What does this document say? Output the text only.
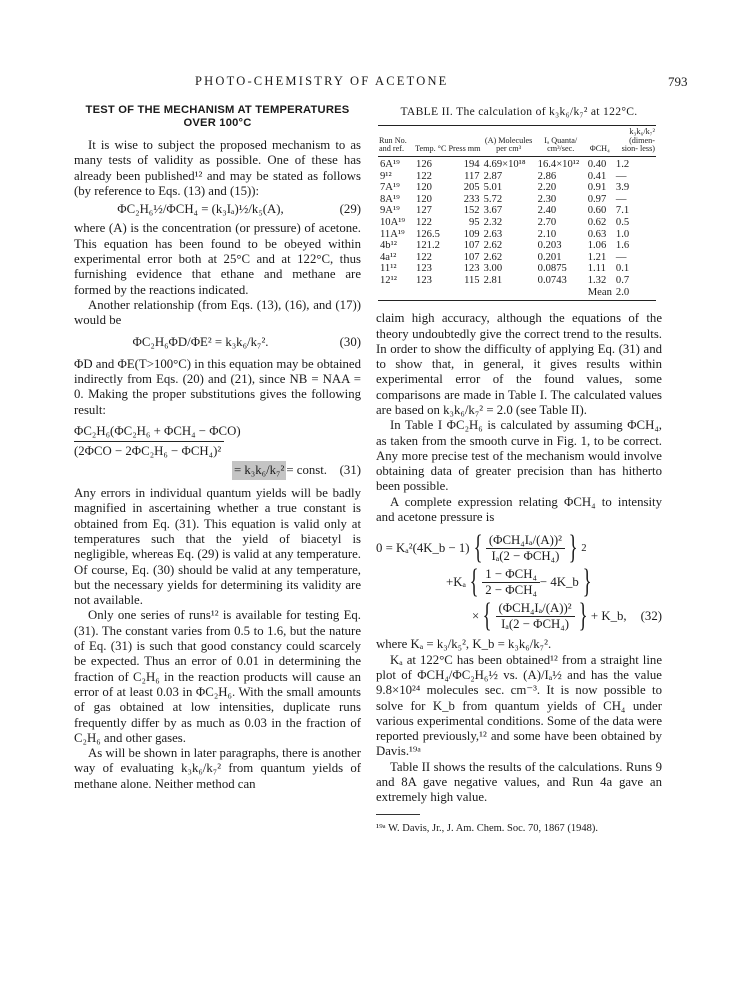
PHOTO-CHEMISTRY OF ACETONE	793
TEST OF THE MECHANISM AT TEMPERATURES OVER 100°C

It is wise to subject the proposed mechanism to as many tests of validity as possible. One of these has already been published¹² and may be stated as follows (by reference to Eqs. (13) and (15)):

ΦC₂H₆½/ΦCH₄ = (k₃Iₐ)½/k₅(A),	(29)

where (A) is the concentration (or pressure) of acetone. This equation has been found to be obeyed within experimental error both at 25°C and at 122°C, thus furnishing evidence that ethane and methane are formed by the reactions indicated.

Another relationship (from Eqs. (13), (16), and (17)) would be

ΦC₂H₆ΦD/ΦE² = k₃k₆/k₇².	(30)

ΦD and ΦE(T>100°C) in this equation may be obtained indirectly from Eqs. (20) and (21), since NB = NAA = 0. Making the proper substitutions gives the following result:

ΦC₂H₆(ΦC₂H₆ + ΦCH₄ − ΦCO)
(2ΦCO − 2ΦC₂H₆ − ΦCH₄)²
= k₃k₆/k₇² = const. (31)

Any errors in individual quantum yields will be badly magnified in ascertaining whether a true constant is obtained from Eq. (31). This equation is valid only at temperatures such that the yield of biacetyl is negligible, whereas Eq. (29) is valid at any temperature. Of course, Eq. (30) should be valid at any temperature, but the necessary yields for determining its validity are not available.

Only one series of runs¹² is available for testing Eq. (31). The constant varies from 0.5 to 1.6, but the nature of Eq. (31) is such that good constancy could scarcely be expected. Thus an error of 0.01 in determining the fraction of C₂H₆ in the reaction products will cause an error of at least 0.03 in ΦC₂H₆. With the small amounts of gas obtained at low intensities, duplicate runs frequently differ by as much as 0.03 in the fraction of C₂H₆ and other gases.

As will be shown in later paragraphs, there is another way of evaluating k₃k₆/k₇² from quantum yields of methane alone. Neither method can

TABLE II. The calculation of k₃k₆/k₇² at 122°C.
Run No. and ref.	Temp. °C	Press mm	(A) Molecules per cm³	Iₐ Quanta/ cm³/sec.	ΦCH₄	k₃k₆/k₇² (dimen- sion- less)
6A¹⁹	126	194	4.69×10¹⁸	16.4×10¹²	0.40	1.2
9¹²	122	117	2.87	2.86	0.41	—
7A¹⁹	120	205	5.01	2.20	0.91	3.9
8A¹⁹	120	233	5.72	2.30	0.97	—
9A¹⁹	127	152	3.67	2.40	0.60	7.1
10A¹⁹	122	95	2.32	2.70	0.62	0.5
11A¹⁹	126.5	109	2.63	2.10	0.63	1.0
4b¹²	121.2	107	2.62	0.203	1.06	1.6
4a¹²	122	107	2.62	0.201	1.21	—
11¹²	123	123	3.00	0.0875	1.11	0.1
12¹²	123	115	2.81	0.0743	1.32	0.7
					Mean	2.0

claim high accuracy, although the equations of the theory undoubtedly give the correct trend to the results. In order to show the difficulty of applying Eq. (31) and to show that, in general, it gives results within experimental error of the found values, some comparisons are made in Table I. The calculated values are based on k₃k₆/k₇² = 2.0 (see Table II).

In Table I ΦC₂H₆ is calculated by assuming ΦCH₄, as taken from the smooth curve in Fig. 1, to be correct. Any more precise test of the mechanism would involve obtaining data of greater precision than has hitherto been possible.

A complete expression relating ΦCH₄ to intensity and acetone pressure is

0 = Kₐ²(4K_b − 1) { $\frac{\text{(ΦCH₄Iₐ/(A))²}}{\text{Iₐ(2 − ΦCH₄)}}$ } 2
+Kₐ { $\frac{\text{1 − ΦCH₄}}{\text{2 − ΦCH₄}}$ − 4K_b }
× { $\frac{\text{(ΦCH₄Iₐ/(A))²}}{\text{Iₐ(2 − ΦCH₄)}}$ } + K_b, (32)

where Kₐ = k₃/k₅², K_b = k₃k₆/k₇².

Kₐ at 122°C has been obtained¹² from a straight line plot of ΦCH₄/ΦC₂H₆½ vs. (A)/Iₐ½ and has the value 9.8×10²⁴ molecules sec. cm⁻³. It is now possible to solve for K_b from quantum yields of CH₄ under various experimental conditions. Some of the data were reported previously,¹² and some have been obtained by Davis.¹⁹ᵃ

Table II shows the results of the calculations. Runs 9 and 8A gave negative values, and Run 4a gave an extremely high value.

¹⁹ᵃ W. Davis, Jr., J. Am. Chem. Soc. 70, 1867 (1948).
